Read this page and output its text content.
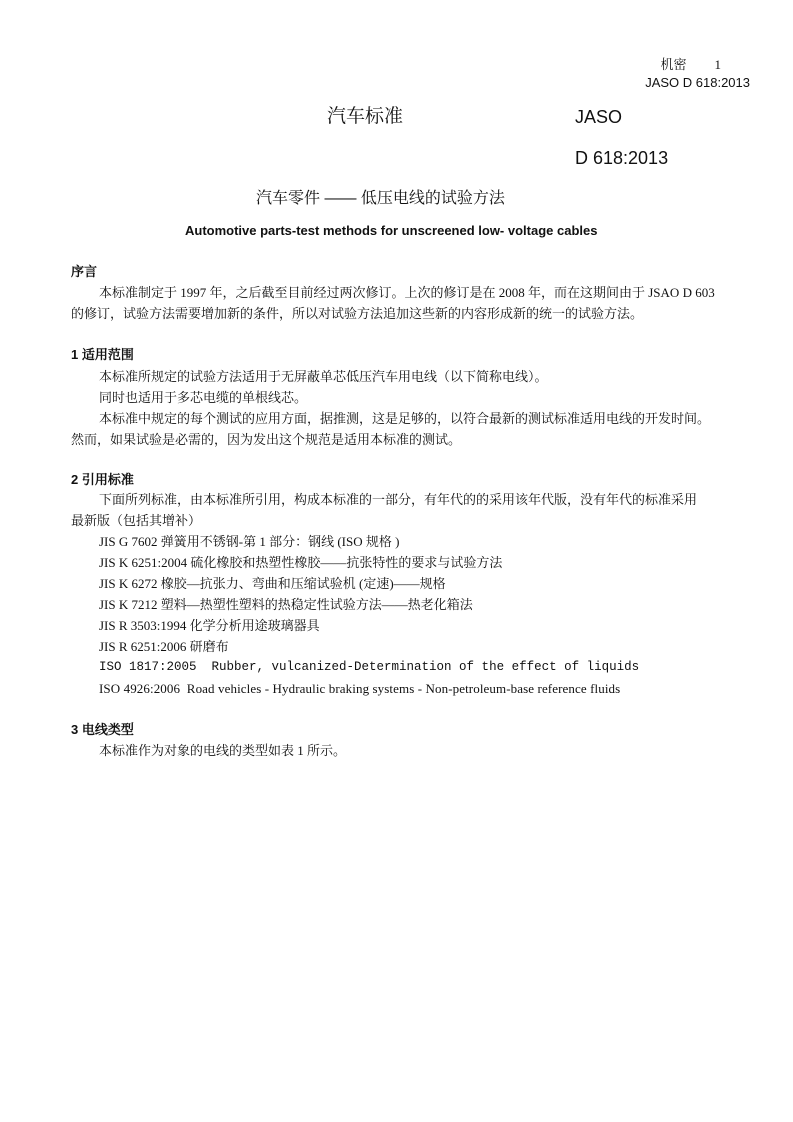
机密 1
JASO D 618:2013
汽车标准	JASO
D 618:2013
汽车零件 —— 低压电线的试验方法
Automotive parts-test methods for unscreened low- voltage cables
序言
本标准制定于 1997 年，之后截至目前经过两次修订。上次的修订是在 2008 年，而在这期间由于 JSAO D 603
的修订，试验方法需要增加新的条件，所以对试验方法追加这些新的内容形成新的统一的试验方法。
1 适用范围
本标准所规定的试验方法适用于无屏蔽单芯低压汽车用电线（以下简称电线）。
同时也适用于多芯电缆的单根线芯。
本标准中规定的每个测试的应用方面，据推测，这是足够的，以符合最新的测试标准适用电线的开发时间。
然而，如果试验是必需的，因为发出这个规范是适用本标准的测试。
2 引用标准
下面所列标准，由本标准所引用，构成本标准的一部分，有年代的的采用该年代版，没有年代的标准采用
最新版（包括其增补）
JIS G 7602 弹簧用不锈钢-第 1 部分：钢线 (ISO 规格 )
JIS K 6251:2004 硫化橡胶和热塑性橡胶——抗张特性的要求与试验方法
JIS K 6272 橡胶—抗张力、弯曲和压缩试验机 (定速)——规格
JIS K 7212 塑料—热塑性塑料的热稳定性试验方法——热老化箱法
JIS R 3503:1994 化学分析用途玻璃器具
JIS R 6251:2006 研磨布
ISO 1817:2005  Rubber, vulcanized-Determination of the effect of liquids
ISO 4926:2006  Road vehicles - Hydraulic braking systems - Non-petroleum-base reference fluids
3 电线类型
本标准作为对象的电线的类型如表 1 所示。
